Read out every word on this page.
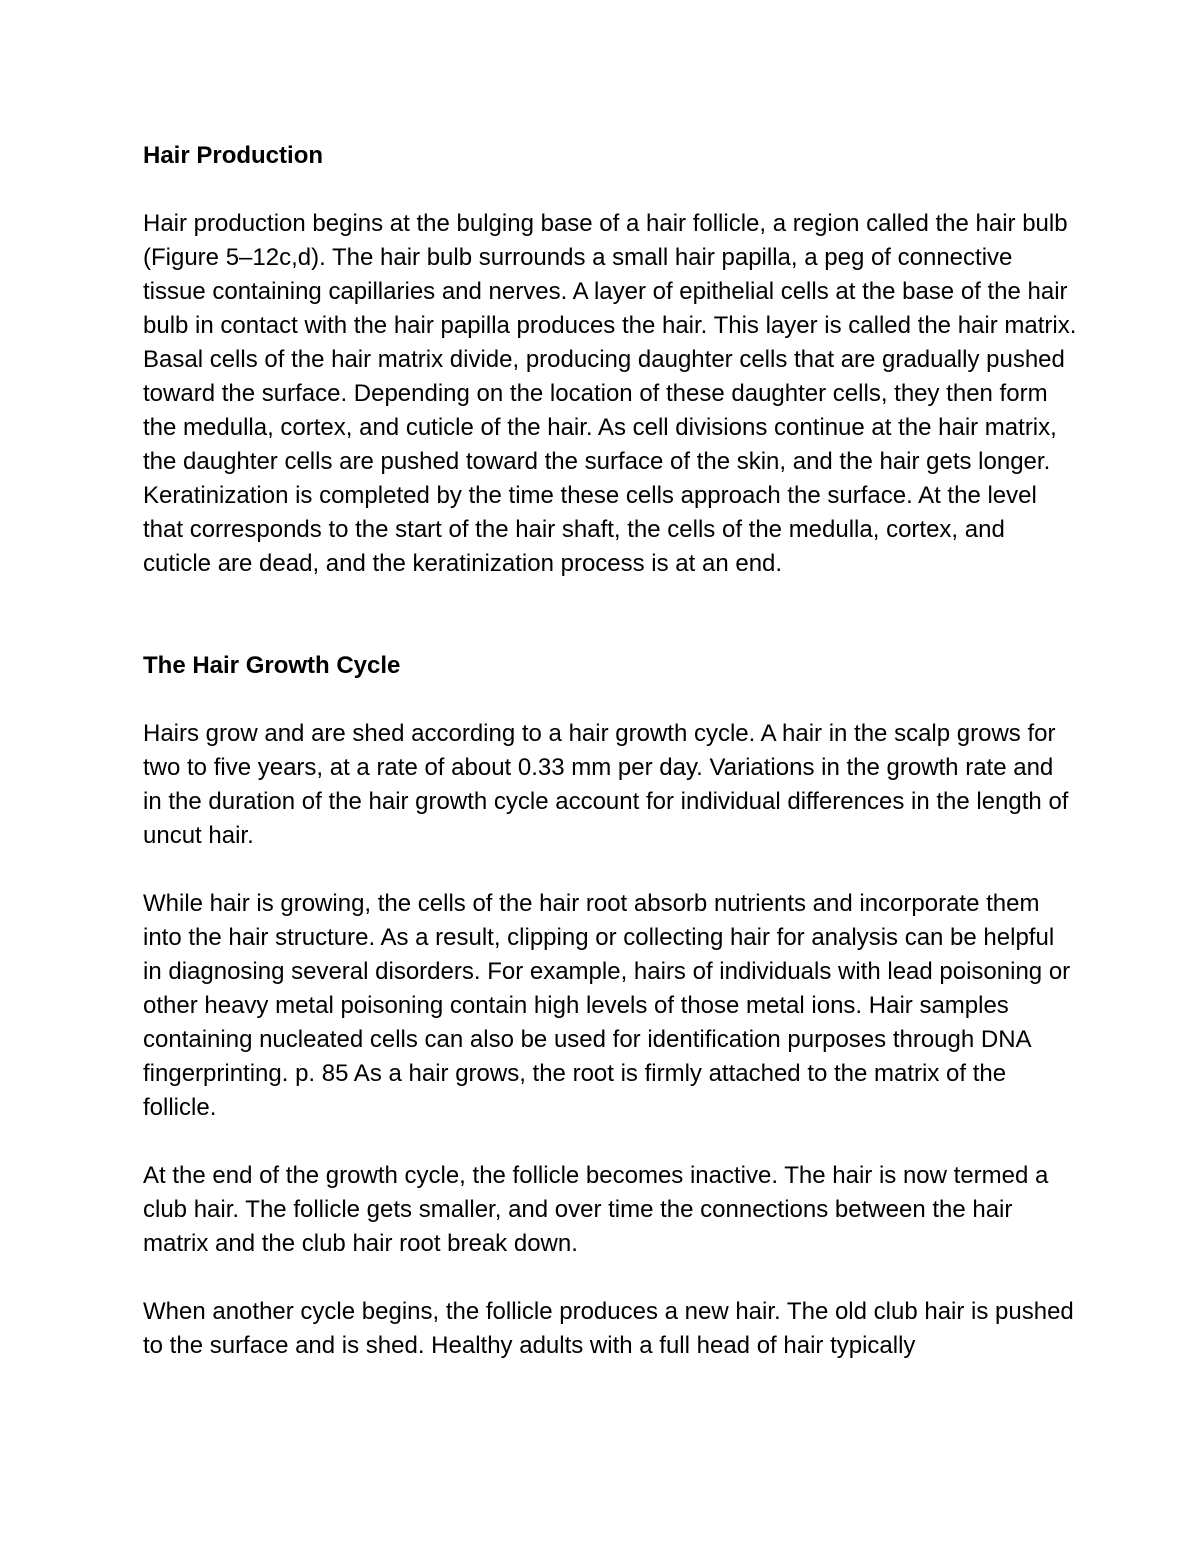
Hair Production

Hair production begins at the bulging base of a hair follicle, a region called the hair bulb (Figure 5–12c,d). The hair bulb surrounds a small hair papilla, a peg of connective tissue containing capillaries and nerves. A layer of epithelial cells at the base of the hair bulb in contact with the hair papilla produces the hair. This layer is called the hair matrix. Basal cells of the hair matrix divide, producing daughter cells that are gradually pushed toward the surface. Depending on the location of these daughter cells, they then form the medulla, cortex, and cuticle of the hair. As cell divisions continue at the hair matrix, the daughter cells are pushed toward the surface of the skin, and the hair gets longer. Keratinization is completed by the time these cells approach the surface. At the level that corresponds to the start of the hair shaft, the cells of the medulla, cortex, and cuticle are dead, and the keratinization process is at an end.

The Hair Growth Cycle

Hairs grow and are shed according to a hair growth cycle. A hair in the scalp grows for two to five years, at a rate of about 0.33 mm per day. Variations in the growth rate and in the duration of the hair growth cycle account for individual differences in the length of uncut hair.

While hair is growing, the cells of the hair root absorb nutrients and incorporate them into the hair structure. As a result, clipping or collecting hair for analysis can be helpful in diagnosing several disorders. For example, hairs of individuals with lead poisoning or other heavy metal poisoning contain high levels of those metal ions. Hair samples containing nucleated cells can also be used for identification purposes through DNA fingerprinting. p. 85 As a hair grows, the root is firmly attached to the matrix of the follicle.

At the end of the growth cycle, the follicle becomes inactive. The hair is now termed a club hair. The follicle gets smaller, and over time the connections between the hair matrix and the club hair root break down.

When another cycle begins, the follicle produces a new hair. The old club hair is pushed to the surface and is shed. Healthy adults with a full head of hair typically
